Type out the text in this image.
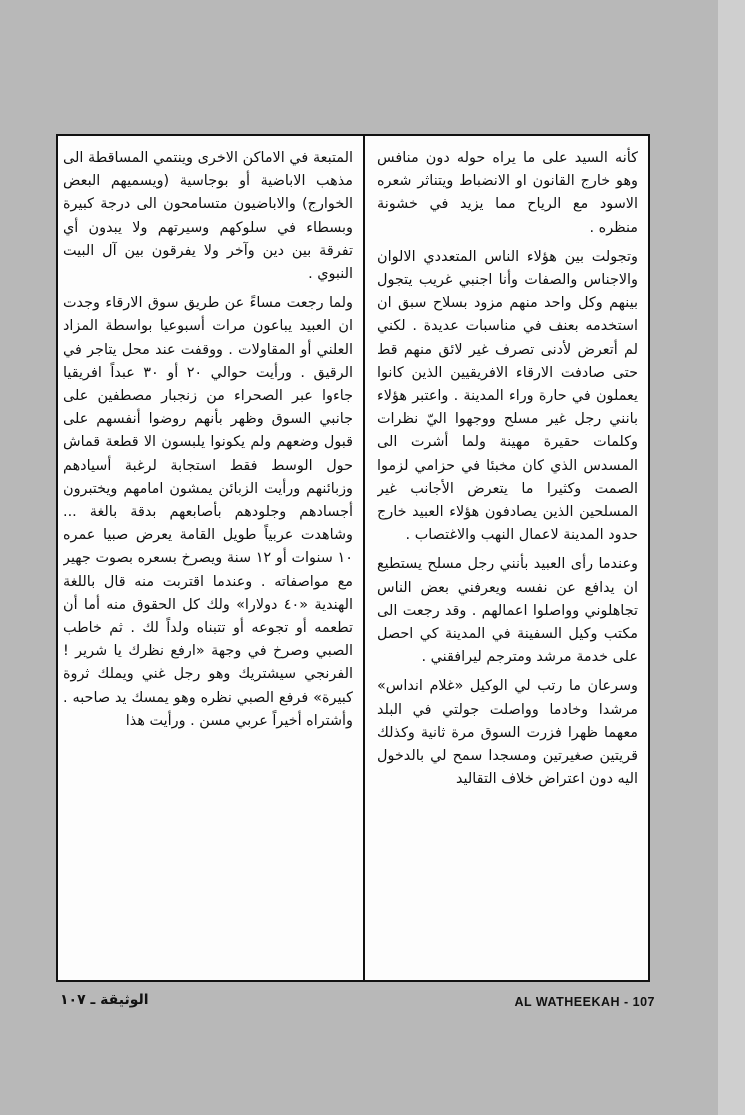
كأنه السيد على ما يراه حوله دون منافس وهو خارج القانون او الانضباط ويتناثر شعره الاسود مع الرياح مما يزيد في خشونة منظره .

وتجولت بين هؤلاء الناس المتعددي الالوان والاجناس والصفات وأنا اجنبي غريب يتجول بينهم وكل واحد منهم مزود بسلاح سبق ان استخدمه بعنف في مناسبات عديدة . لكني لم أتعرض لأدنى تصرف غير لائق منهم قط حتى صادفت الارقاء الافريقيين الذين كانوا يعملون في حارة وراء المدينة . واعتبر هؤلاء بانني رجل غير مسلح ووجهوا اليّ نظرات وكلمات حقيرة مهينة ولما أشرت الى المسدس الذي كان مخبئا في حزامي لزموا الصمت وكثيرا ما يتعرض الأجانب غير المسلحين الذين يصادفون هؤلاء العبيد خارج حدود المدينة لاعمال النهب والاغتصاب .

وعندما رأى العبيد بأنني رجل مسلح يستطيع ان يدافع عن نفسه ويعرفني بعض الناس تجاهلوني وواصلوا اعمالهم . وقد رجعت الى مكتب وكيل السفينة في المدينة كي احصل على خدمة مرشد ومترجم ليرافقني .

وسرعان ما رتب لي الوكيل «غلام انداس» مرشدا وخادما وواصلت جولتي في البلد معهما ظهرا فزرت السوق مرة ثانية وكذلك قريتين صغيرتين ومسجدا سمح لي بالدخول اليه دون اعتراض خلاف التقاليد

المتبعة في الاماكن الاخرى وينتمي المساقطة الى مذهب الاباضية أو بوجاسية (ويسميهم البعض الخوارج) والاباضيون متسامحون الى درجة كبيرة وبسطاء في سلوكهم وسيرتهم ولا يبدون أي تفرقة بين دين وآخر ولا يفرقون بين آل البيت النبوي .

ولما رجعت مساءً عن طريق سوق الارقاء وجدت ان العبيد يباعون مرات أسبوعيا بواسطة المزاد العلني أو المقاولات . ووقفت عند محل يتاجر في الرقيق . ورأيت حوالي ٢٠ أو ٣٠ عبداً افريقيا جاءوا عبر الصحراء من زنجبار مصطفين على جانبي السوق وظهر بأنهم روضوا أنفسهم على قبول وضعهم ولم يكونوا يلبسون الا قطعة قماش حول الوسط فقط استجابة لرغبة أسيادهم وزبائنهم ورأيت الزبائن يمشون امامهم ويختبرون أجسادهم وجلودهم بأصابعهم بدقة بالغة ... وشاهدت عربياً طويل القامة يعرض صبيا عمره ١٠ سنوات أو ١٢ سنة ويصرخ بسعره بصوت جهير مع مواصفاته . وعندما اقتربت منه قال باللغة الهندية «٤٠ دولارا» ولك كل الحقوق منه أما أن تطعمه أو تجوعه أو تتبناه ولداً لك . ثم خاطب الصبي وصرخ في وجهة «ارفع نظرك يا شرير ! الفرنجي سيشتريك وهو رجل غني ويملك ثروة كبيرة» فرفع الصبي نظره وهو يمسك يد صاحبه . وأشتراه أخيراً عربي مسن . ورأيت هذا

الوثيقة ـ ١٠٧	AL WATHEEKAH - 107
